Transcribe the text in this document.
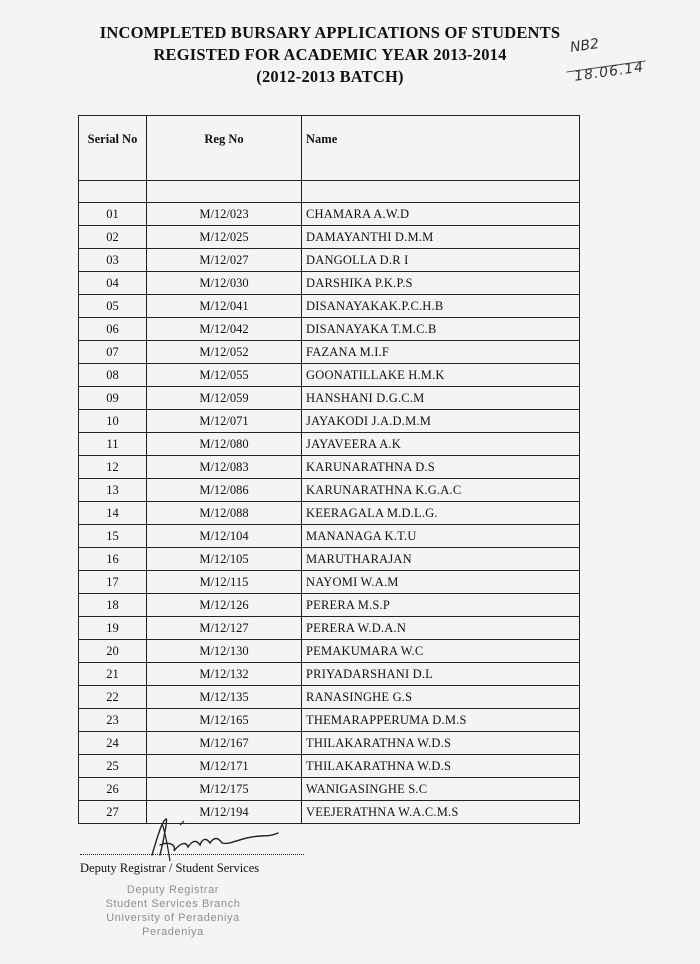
INCOMPLETED BURSARY APPLICATIONS OF STUDENTS
REGISTED FOR ACADEMIC YEAR 2013-2014
(2012-2013 BATCH)
NB2
18.06.14
Serial No	Reg No	Name

01	M/12/023	CHAMARA A.W.D
02	M/12/025	DAMAYANTHI D.M.M
03	M/12/027	DANGOLLA D.R I
04	M/12/030	DARSHIKA P.K.P.S
05	M/12/041	DISANAYAKAK.P.C.H.B
06	M/12/042	DISANAYAKA T.M.C.B
07	M/12/052	FAZANA M.I.F
08	M/12/055	GOONATILLAKE H.M.K
09	M/12/059	HANSHANI D.G.C.M
10	M/12/071	JAYAKODI J.A.D.M.M
11	M/12/080	JAYAVEERA A.K
12	M/12/083	KARUNARATHNA D.S
13	M/12/086	KARUNARATHNA K.G.A.C
14	M/12/088	KEERAGALA M.D.L.G.
15	M/12/104	MANANAGA K.T.U
16	M/12/105	MARUTHARAJAN
17	M/12/115	NAYOMI W.A.M
18	M/12/126	PERERA M.S.P
19	M/12/127	PERERA W.D.A.N
20	M/12/130	PEMAKUMARA W.C
21	M/12/132	PRIYADARSHANI D.L
22	M/12/135	RANASINGHE G.S
23	M/12/165	THEMARAPPERUMA D.M.S
24	M/12/167	THILAKARATHNA W.D.S
25	M/12/171	THILAKARATHNA W.D.S
26	M/12/175	WANIGASINGHE S.C
27	M/12/194	VEEJERATHNA W.A.C.M.S
Deputy Registrar / Student Services
Deputy Registrar
Student Services Branch
University of Peradeniya
Peradeniya
